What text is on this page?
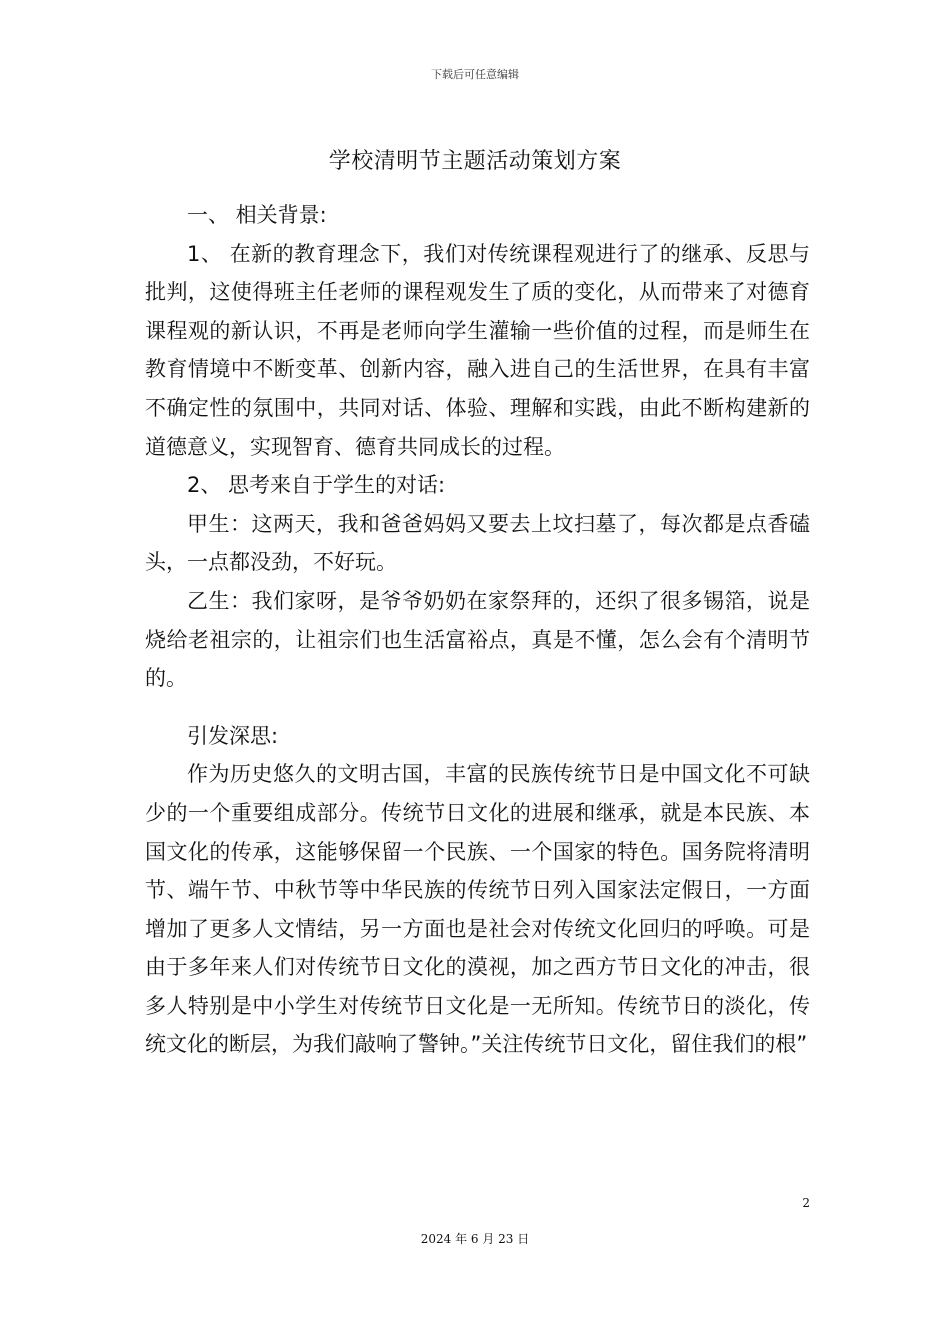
下载后可任意编辑
学校清明节主题活动策划方案

一、 相关背景:

1、 在新的教育理念下，我们对传统课程观进行了的继承、反思与批判，这使得班主任老师的课程观发生了质的变化，从而带来了对德育课程观的新认识，不再是老师向学生灌输一些价值的过程，而是师生在教育情境中不断变革、创新内容，融入进自己的生活世界，在具有丰富不确定性的氛围中，共同对话、体验、理解和实践，由此不断构建新的道德意义，实现智育、德育共同成长的过程。

2、 思考来自于学生的对话:

甲生：这两天，我和爸爸妈妈又要去上坟扫墓了，每次都是点香磕头，一点都没劲，不好玩。

乙生：我们家呀，是爷爷奶奶在家祭拜的，还织了很多锡箔，说是烧给老祖宗的，让祖宗们也生活富裕点，真是不懂，怎么会有个清明节的。

引发深思:

作为历史悠久的文明古国，丰富的民族传统节日是中国文化不可缺少的一个重要组成部分。传统节日文化的进展和继承，就是本民族、本国文化的传承，这能够保留一个民族、一个国家的特色。国务院将清明节、端午节、中秋节等中华民族的传统节日列入国家法定假日，一方面增加了更多人文情结，另一方面也是社会对传统文化回归的呼唤。可是由于多年来人们对传统节日文化的漠视，加之西方节日文化的冲击，很多人特别是中小学生对传统节日文化是一无所知。传统节日的淡化，传统文化的断层，为我们敲响了警钟。”关注传统节日文化，留住我们的根”

2
2024 年 6 月 23 日
